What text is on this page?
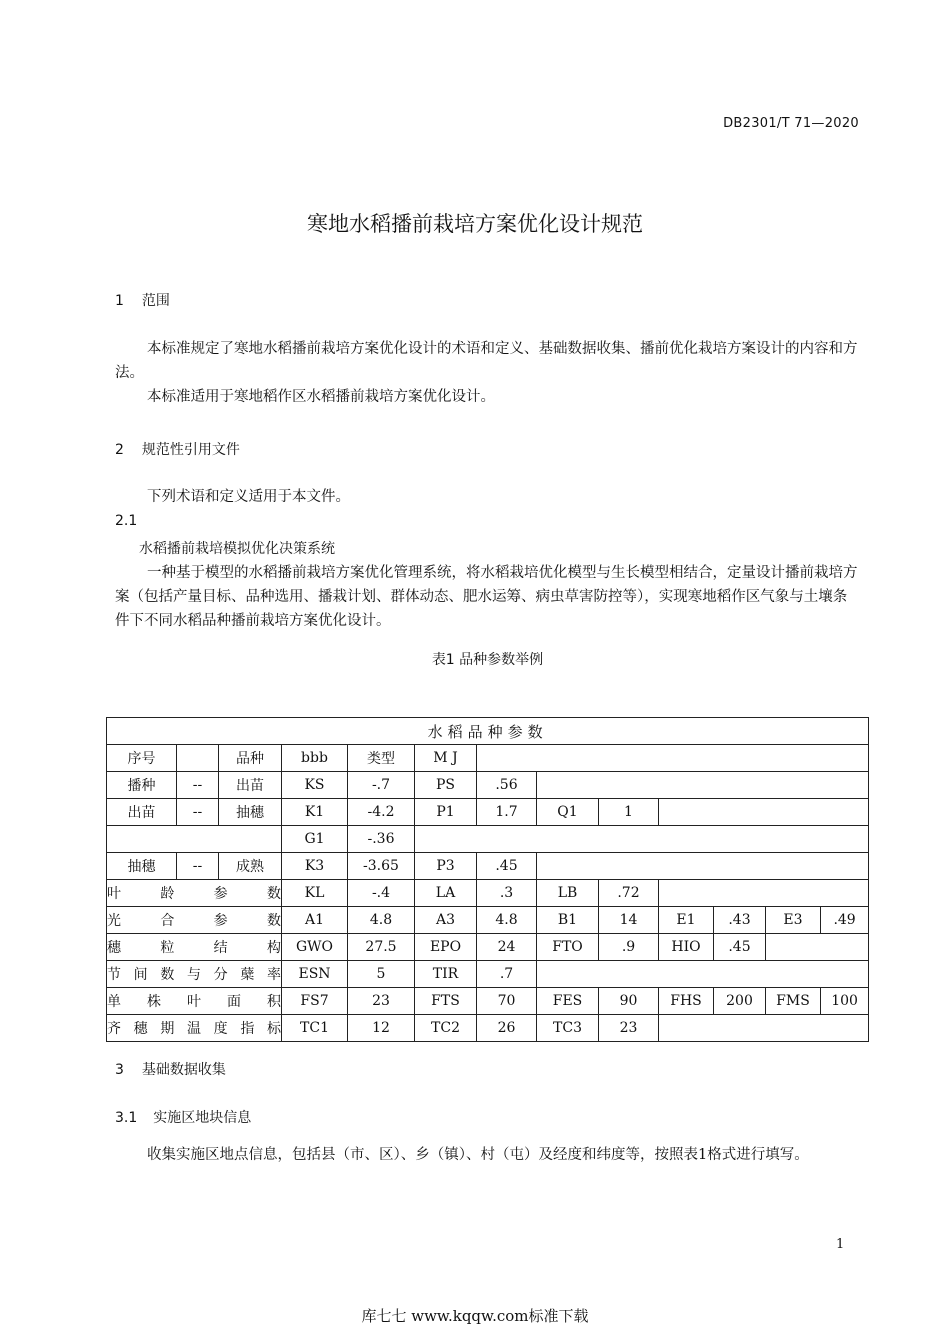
DB2301/T 71—2020
寒地水稻播前栽培方案优化设计规范
1 范围
本标准规定了寒地水稻播前栽培方案优化设计的术语和定义、基础数据收集、播前优化栽培方案设计的内容和方法。
本标准适用于寒地稻作区水稻播前栽培方案优化设计。
2 规范性引用文件
下列术语和定义适用于本文件。
2.1
水稻播前栽培模拟优化决策系统
一种基于模型的水稻播前栽培方案优化管理系统，将水稻栽培优化模型与生长模型相结合，定量设计播前栽培方案（包括产量目标、品种选用、播栽计划、群体动态、肥水运筹、病虫草害防控等），实现寒地稻作区气象与土壤条件下不同水稻品种播前栽培方案优化设计。
表1 品种参数举例
水稻品种参数												
序号		品种	bbb	类型	M J							
播种	--	出苗	KS	-.7	PS	.56						
出苗	--	抽穗	K1	-4.2	P1	1.7	Q1	1				
			G1	-.36								
抽穗	--	成熟	K3	-3.65	P3	.45						
叶龄参数			KL	-.4	LA	.3	LB	.72				
光合参数			A1	4.8	A3	4.8	B1	14	E1	.43	E3	.49
穗粒结构			GWO	27.5	EPO	24	FTO	.9	HIO	.45		
节间数与分蘖率			ESN	5	TIR	.7						
单株叶面积			FS7	23	FTS	70	FES	90	FHS	200	FMS	100
齐穗期温度指标			TC1	12	TC2	26	TC3	23				
3 基础数据收集
3.1 实施区地块信息
收集实施区地点信息，包括县（市、区）、乡（镇）、村（屯）及经度和纬度等，按照表1格式进行填写。
1
库七七 www.kqqw.com标准下载
